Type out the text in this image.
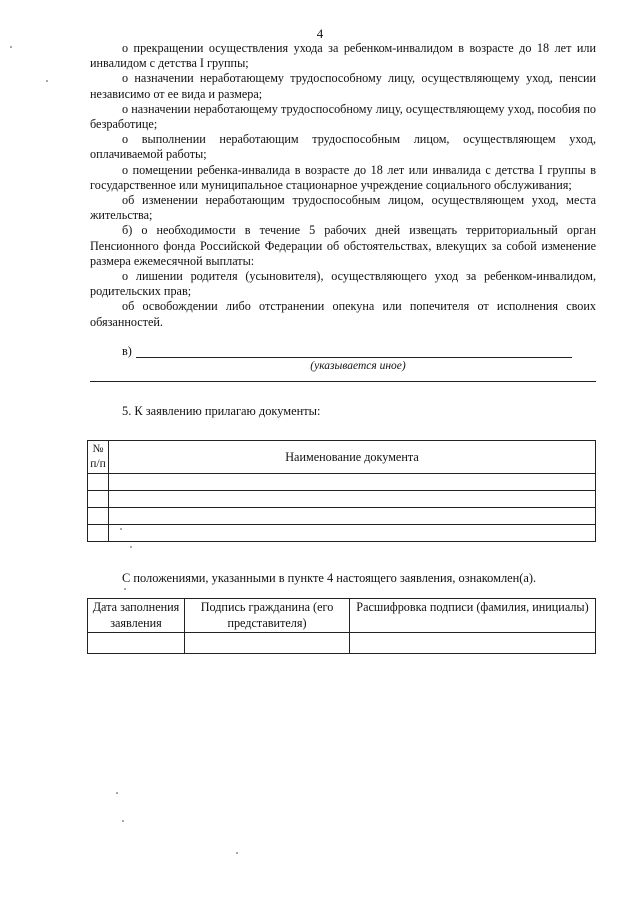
4

о прекращении осуществления ухода за ребенком-инвалидом в возрасте до 18 лет или инвалидом с детства I группы;

о назначении неработающему трудоспособному лицу, осуществляющему уход, пенсии независимо от ее вида и размера;

о назначении неработающему трудоспособному лицу, осуществляющему уход, пособия по безработице;

о выполнении неработающим трудоспособным лицом, осуществляющем уход, оплачиваемой работы;

о помещении ребенка-инвалида в возрасте до 18 лет или инвалида с детства I группы в государственное или муниципальное стационарное учреждение социального обслуживания;

об изменении неработающим трудоспособным лицом, осуществляющем уход, места жительства;

б) о необходимости в течение 5 рабочих дней извещать территориальный орган Пенсионного фонда Российской Федерации об обстоятельствах, влекущих за собой изменение размера ежемесячной выплаты:

о лишении родителя (усыновителя), осуществляющего уход за ребенком-инвалидом, родительских прав;

об освобождении либо отстранении опекуна или попечителя от исполнения своих обязанностей.

в)
(указывается иное)
5. К заявлению прилагаю документы:
№ п/п	Наименование документа

С положениями, указанными в пункте 4 настоящего заявления, ознакомлен(а).
Дата заполнения заявления	Подпись гражданина (его представителя)	Расшифровка подписи (фамилия, инициалы)
